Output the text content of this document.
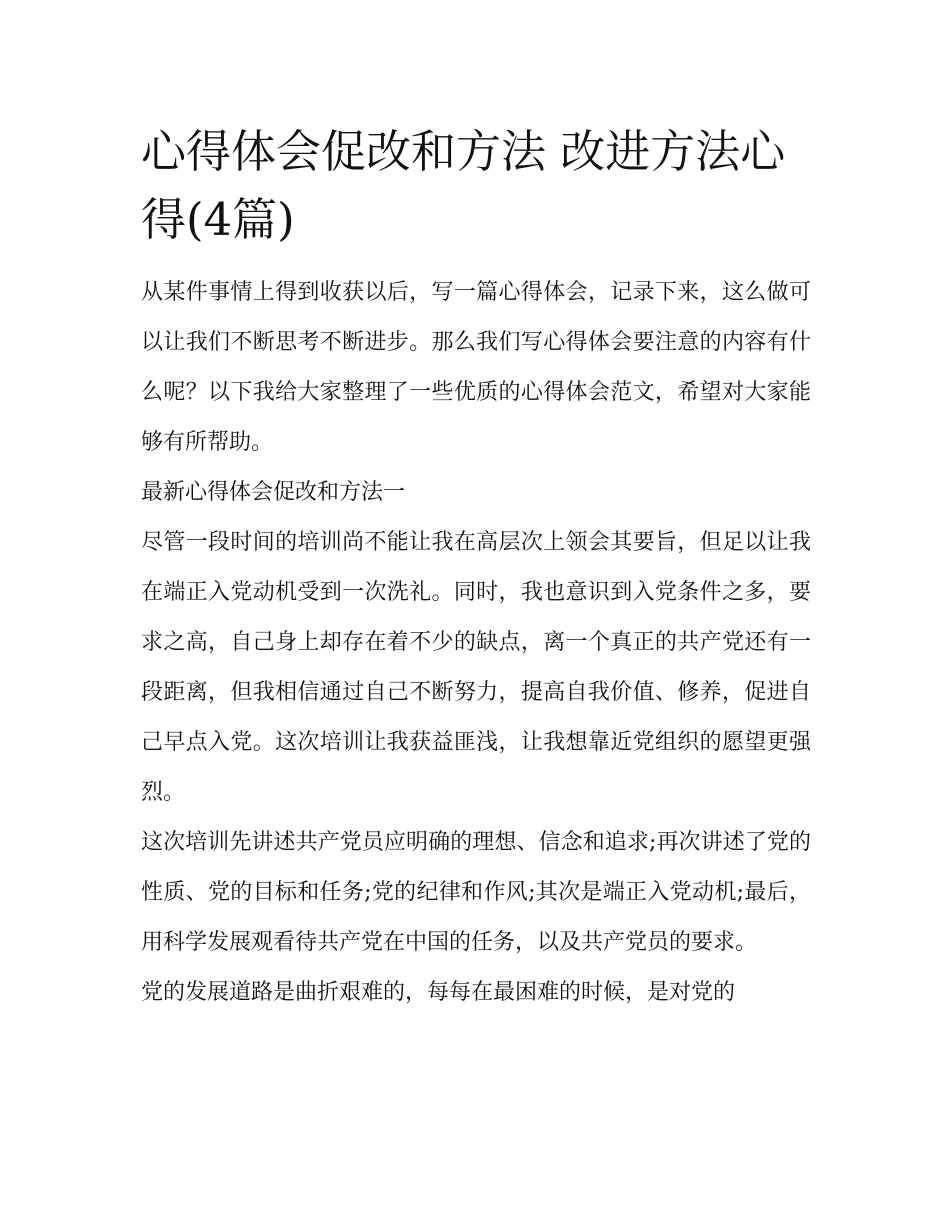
心得体会促改和方法 改进方法心得(4篇)

从某件事情上得到收获以后，写一篇心得体会，记录下来，这么做可以让我们不断思考不断进步。那么我们写心得体会要注意的内容有什么呢？以下我给大家整理了一些优质的心得体会范文，希望对大家能够有所帮助。

最新心得体会促改和方法一

尽管一段时间的培训尚不能让我在高层次上领会其要旨，但足以让我在端正入党动机受到一次洗礼。同时，我也意识到入党条件之多，要求之高，自己身上却存在着不少的缺点，离一个真正的共产党还有一段距离，但我相信通过自己不断努力，提高自我价值、修养，促进自己早点入党。这次培训让我获益匪浅，让我想靠近党组织的愿望更强烈。

这次培训先讲述共产党员应明确的理想、信念和追求;再次讲述了党的性质、党的目标和任务;党的纪律和作风;其次是端正入党动机;最后，用科学发展观看待共产党在中国的任务，以及共产党员的要求。

党的发展道路是曲折艰难的，每每在最困难的时候，是对党的
